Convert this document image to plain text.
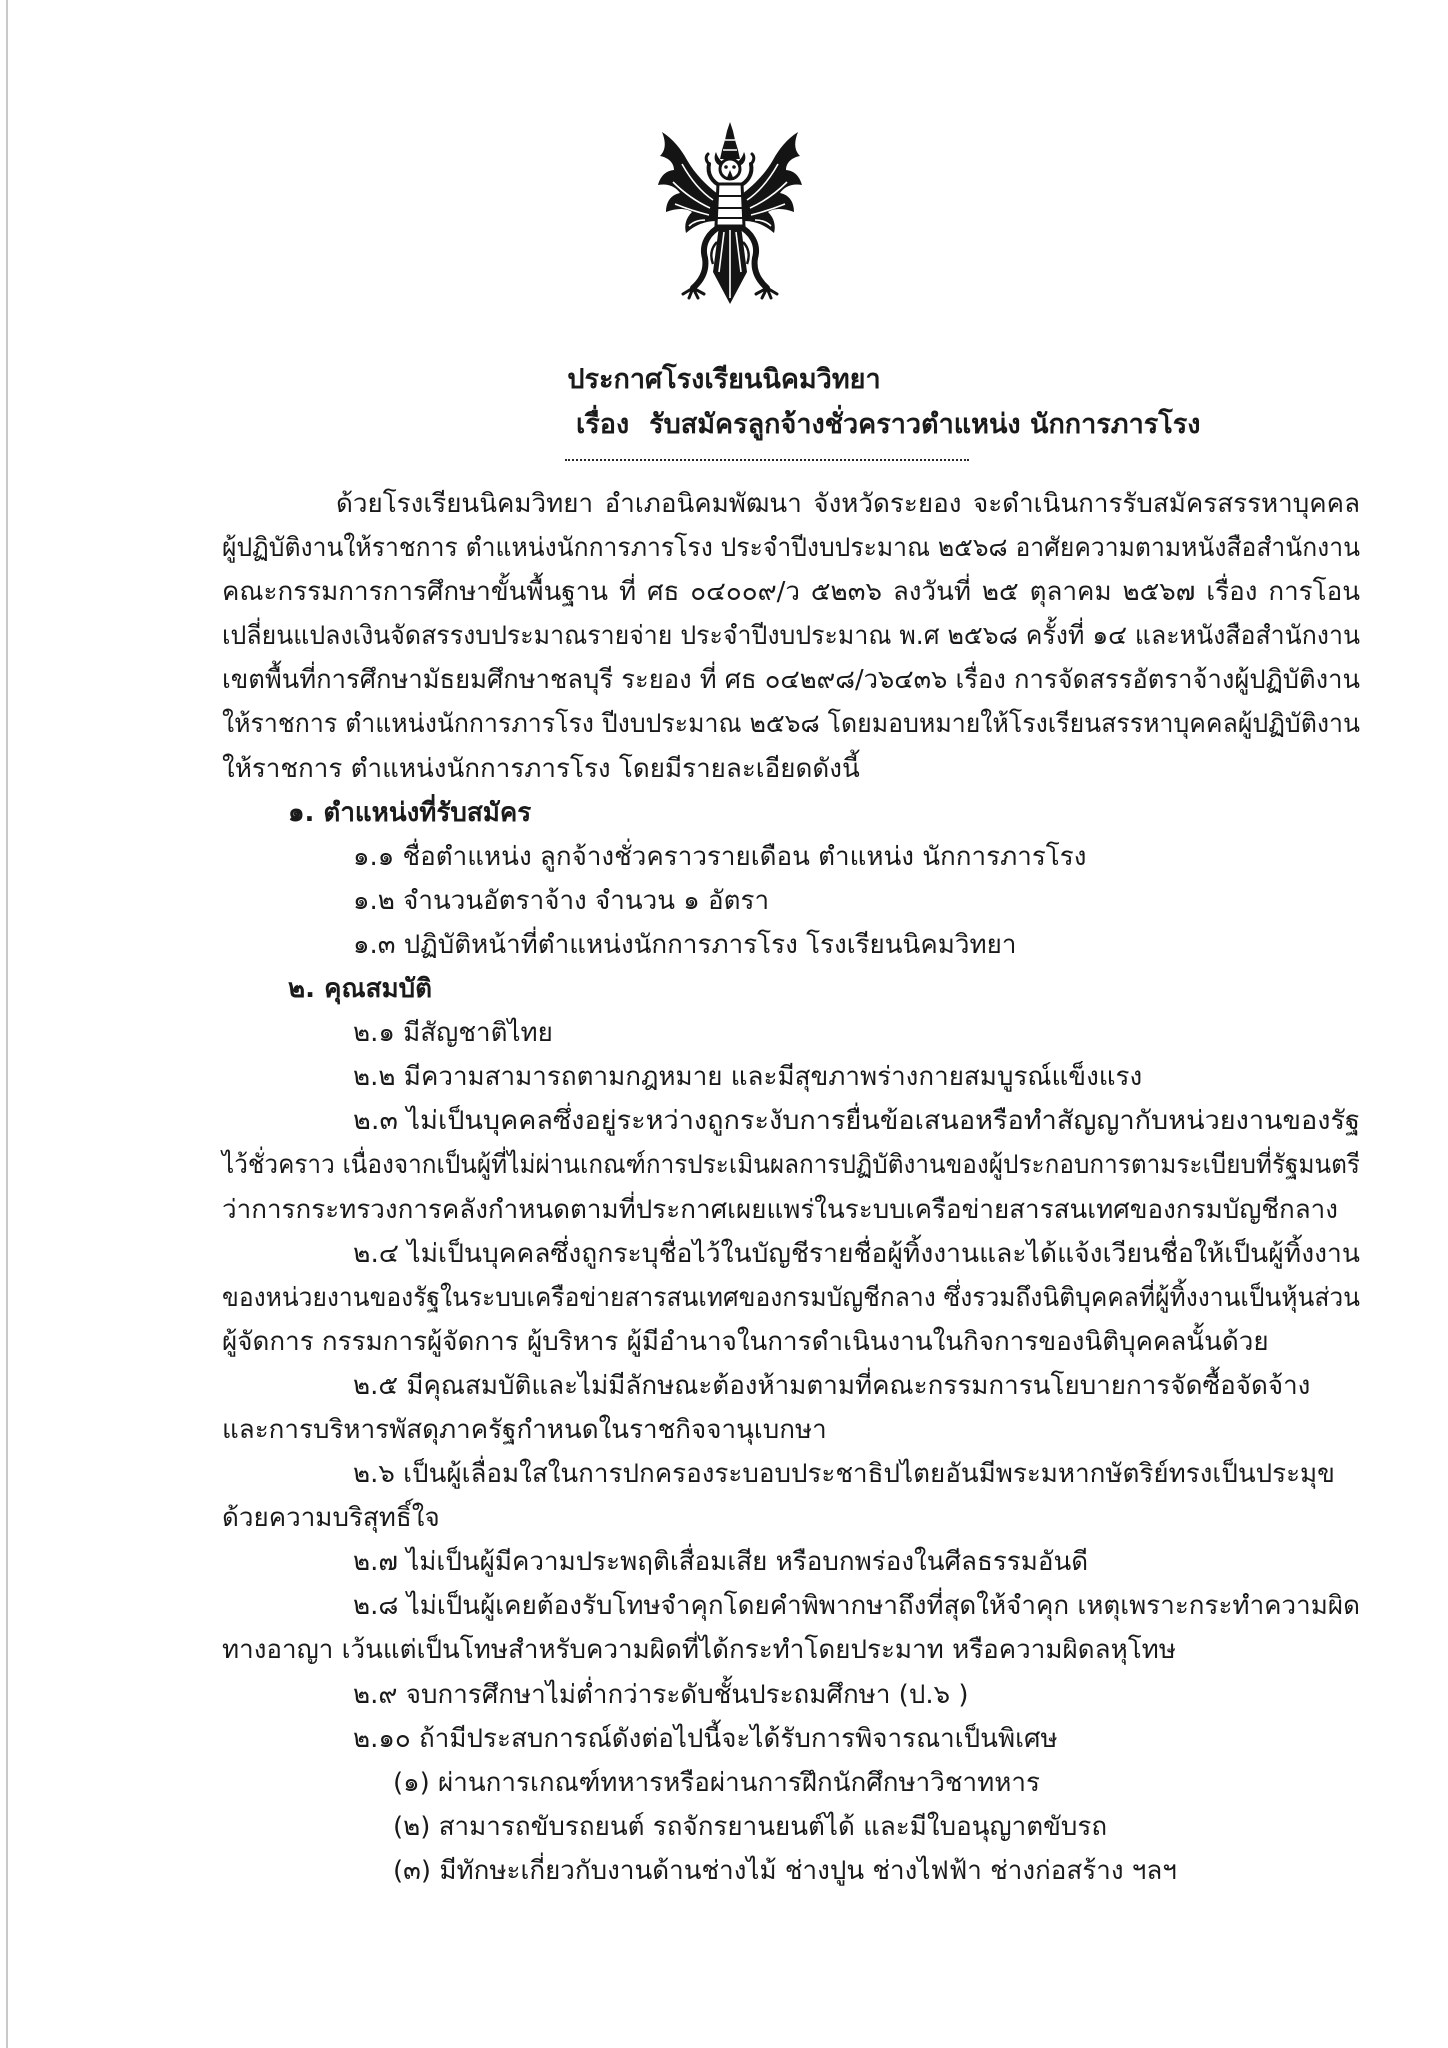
ประกาศโรงเรียนนิคมวิทยา
เรื่อง รับสมัครลูกจ้างชั่วคราวตำแหน่ง นักการภารโรง
ด้วยโรงเรียนนิคมวิทยา อำเภอนิคมพัฒนา จังหวัดระยอง จะดำเนินการรับสมัครสรรหาบุคคล
ผู้ปฏิบัติงานให้ราชการ ตำแหน่งนักการภารโรง ประจำปีงบประมาณ ๒๕๖๘ อาศัยความตามหนังสือสำนักงาน
คณะกรรมการการศึกษาขั้นพื้นฐาน ที่ ศธ ๐๔๐๐๙/ว ๕๒๓๖ ลงวันที่ ๒๕ ตุลาคม ๒๕๖๗ เรื่อง การโอน
เปลี่ยนแปลงเงินจัดสรรงบประมาณรายจ่าย ประจำปีงบประมาณ พ.ศ ๒๕๖๘ ครั้งที่ ๑๔ และหนังสือสำนักงาน
เขตพื้นที่การศึกษามัธยมศึกษาชลบุรี ระยอง ที่ ศธ ๐๔๒๙๘/ว๖๔๓๖ เรื่อง การจัดสรรอัตราจ้างผู้ปฏิบัติงาน
ให้ราชการ ตำแหน่งนักการภารโรง ปีงบประมาณ ๒๕๖๘ โดยมอบหมายให้โรงเรียนสรรหาบุคคลผู้ปฏิบัติงาน
ให้ราชการ ตำแหน่งนักการภารโรง โดยมีรายละเอียดดังนี้
๑. ตำแหน่งที่รับสมัคร
๑.๑ ชื่อตำแหน่ง ลูกจ้างชั่วคราวรายเดือน ตำแหน่ง นักการภารโรง
๑.๒ จำนวนอัตราจ้าง จำนวน ๑ อัตรา
๑.๓ ปฏิบัติหน้าที่ตำแหน่งนักการภารโรง โรงเรียนนิคมวิทยา
๒. คุณสมบัติ
๒.๑ มีสัญชาติไทย
๒.๒ มีความสามารถตามกฎหมาย และมีสุขภาพร่างกายสมบูรณ์แข็งแรง
๒.๓ ไม่เป็นบุคคลซึ่งอยู่ระหว่างถูกระงับการยื่นข้อเสนอหรือทำสัญญากับหน่วยงานของรัฐ
ไว้ชั่วคราว เนื่องจากเป็นผู้ที่ไม่ผ่านเกณฑ์การประเมินผลการปฏิบัติงานของผู้ประกอบการตามระเบียบที่รัฐมนตรี
ว่าการกระทรวงการคลังกำหนดตามที่ประกาศเผยแพร่ในระบบเครือข่ายสารสนเทศของกรมบัญชีกลาง
๒.๔ ไม่เป็นบุคคลซึ่งถูกระบุชื่อไว้ในบัญชีรายชื่อผู้ทิ้งงานและได้แจ้งเวียนชื่อให้เป็นผู้ทิ้งงาน
ของหน่วยงานของรัฐในระบบเครือข่ายสารสนเทศของกรมบัญชีกลาง ซึ่งรวมถึงนิติบุคคลที่ผู้ทิ้งงานเป็นหุ้นส่วน
ผู้จัดการ กรรมการผู้จัดการ ผู้บริหาร ผู้มีอำนาจในการดำเนินงานในกิจการของนิติบุคคลนั้นด้วย
๒.๕ มีคุณสมบัติและไม่มีลักษณะต้องห้ามตามที่คณะกรรมการนโยบายการจัดซื้อจัดจ้าง
และการบริหารพัสดุภาครัฐกำหนดในราชกิจจานุเบกษา
๒.๖ เป็นผู้เลื่อมใสในการปกครองระบอบประชาธิปไตยอันมีพระมหากษัตริย์ทรงเป็นประมุข
ด้วยความบริสุทธิ์ใจ
๒.๗ ไม่เป็นผู้มีความประพฤติเสื่อมเสีย หรือบกพร่องในศีลธรรมอันดี
๒.๘ ไม่เป็นผู้เคยต้องรับโทษจำคุกโดยคำพิพากษาถึงที่สุดให้จำคุก เหตุเพราะกระทำความผิด
ทางอาญา เว้นแต่เป็นโทษสำหรับความผิดที่ได้กระทำโดยประมาท หรือความผิดลหุโทษ
๒.๙ จบการศึกษาไม่ต่ำกว่าระดับชั้นประถมศึกษา (ป.๖ )
๒.๑๐ ถ้ามีประสบการณ์ดังต่อไปนี้จะได้รับการพิจารณาเป็นพิเศษ
(๑) ผ่านการเกณฑ์ทหารหรือผ่านการฝึกนักศึกษาวิชาทหาร
(๒) สามารถขับรถยนต์ รถจักรยานยนต์ได้ และมีใบอนุญาตขับรถ
(๓) มีทักษะเกี่ยวกับงานด้านช่างไม้ ช่างปูน ช่างไฟฟ้า ช่างก่อสร้าง ฯลฯ
